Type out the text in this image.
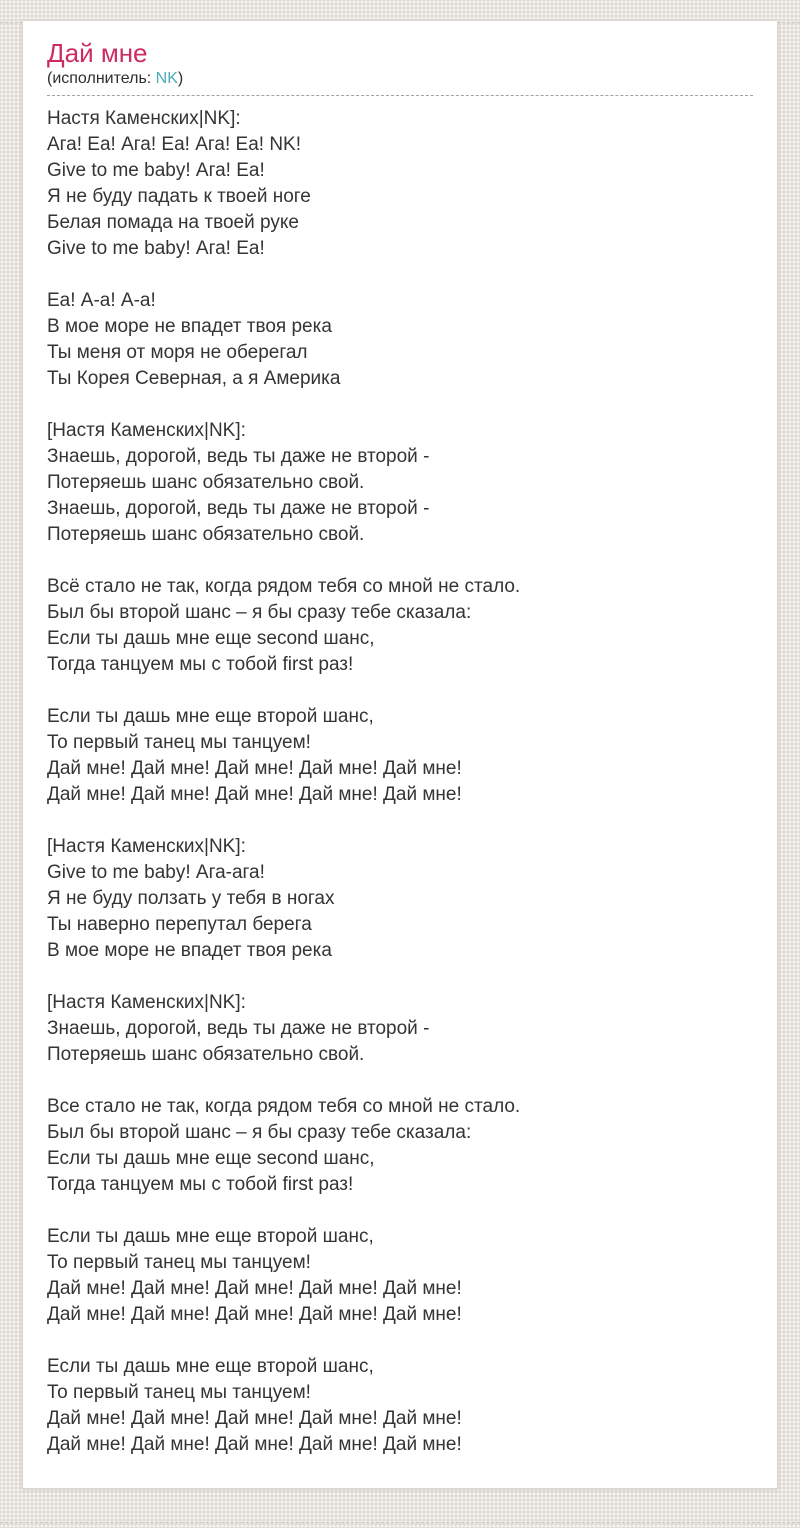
Дай мне
(исполнитель: NK)
Настя Каменских|NK]:
Ага! Еа! Ага! Еа! Ага! Еа! NK!
Give to me baby! Ага! Еа!
Я не буду падать к твоей ноге
Белая помада на твоей руке
Give to me baby! Ага! Еа!
Еа! А-а! А-а!
В мое море не впадет твоя река
Ты меня от моря не оберегал
Ты Корея Северная, а я Америка
[Настя Каменских|NK]:
Знаешь, дорогой, ведь ты даже не второй -
Потеряешь шанс обязательно свой.
Знаешь, дорогой, ведь ты даже не второй -
Потеряешь шанс обязательно свой.
Всё стало не так, когда рядом тебя со мной не стало.
Был бы второй шанс – я бы сразу тебе сказала:
Если ты дашь мне еще second шанс,
Тогда танцуем мы с тобой first раз!
Если ты дашь мне еще второй шанс,
То первый танец мы танцуем!
Дай мне! Дай мне! Дай мне! Дай мне! Дай мне!
Дай мне! Дай мне! Дай мне! Дай мне! Дай мне!
[Настя Каменских|NK]:
Give to me baby! Ага-ага!
Я не буду ползать у тебя в ногах
Ты наверно перепутал берега
В мое море не впадет твоя река
[Настя Каменских|NK]:
Знаешь, дорогой, ведь ты даже не второй -
Потеряешь шанс обязательно свой.
Все стало не так, когда рядом тебя со мной не стало.
Был бы второй шанс – я бы сразу тебе сказала:
Если ты дашь мне еще second шанс,
Тогда танцуем мы с тобой first раз!
Если ты дашь мне еще второй шанс,
То первый танец мы танцуем!
Дай мне! Дай мне! Дай мне! Дай мне! Дай мне!
Дай мне! Дай мне! Дай мне! Дай мне! Дай мне!
Если ты дашь мне еще второй шанс,
То первый танец мы танцуем!
Дай мне! Дай мне! Дай мне! Дай мне! Дай мне!
Дай мне! Дай мне! Дай мне! Дай мне! Дай мне!
